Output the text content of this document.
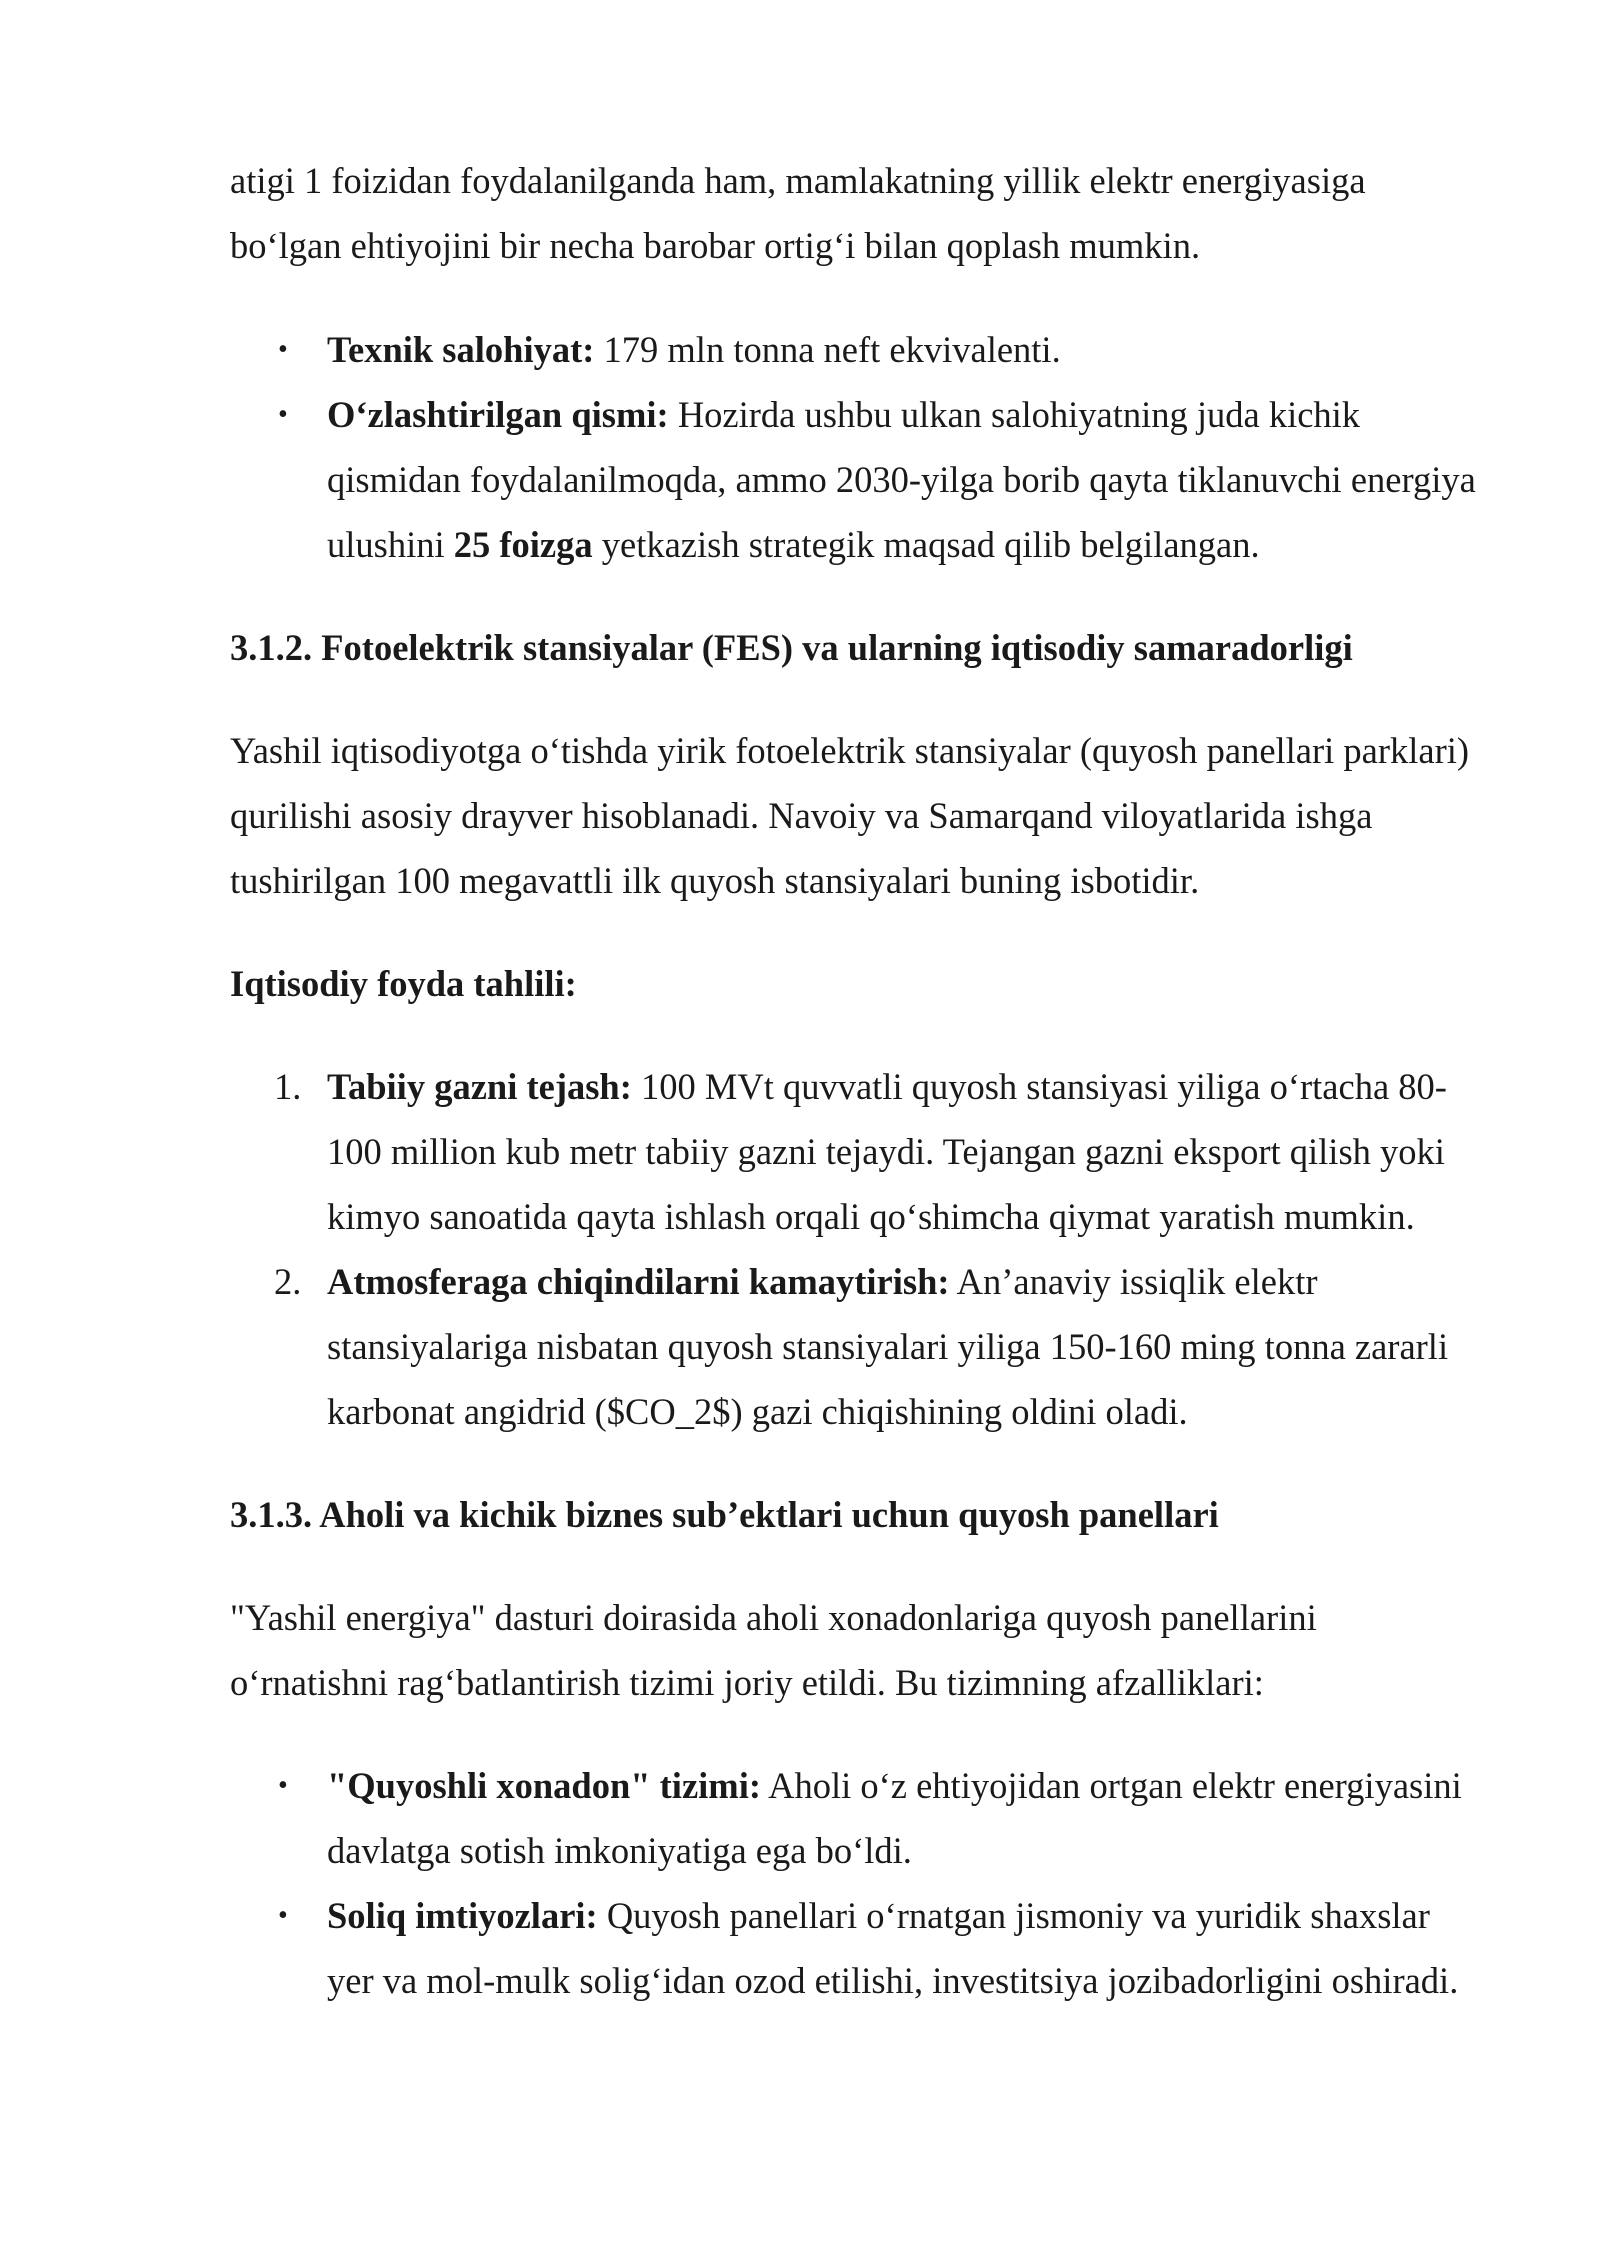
atigi 1 foizidan foydalanilganda ham, mamlakatning yillik elektr energiyasiga bo‘lgan ehtiyojini bir necha barobar ortig‘i bilan qoplash mumkin.

• Texnik salohiyat: 179 mln tonna neft ekvivalenti.
• O‘zlashtirilgan qismi: Hozirda ushbu ulkan salohiyatning juda kichik qismidan foydalanilmoqda, ammo 2030-yilga borib qayta tiklanuvchi energiya ulushini 25 foizga yetkazish strategik maqsad qilib belgilangan.
3.1.2. Fotoelektrik stansiyalar (FES) va ularning iqtisodiy samaradorligi

Yashil iqtisodiyotga o‘tishda yirik fotoelektrik stansiyalar (quyosh panellari parklari) qurilishi asosiy drayver hisoblanadi. Navoiy va Samarqand viloyatlarida ishga tushirilgan 100 megavattli ilk quyosh stansiyalari buning isbotidir.

Iqtisodiy foyda tahlili:

1. Tabiiy gazni tejash: 100 MVt quvvatli quyosh stansiyasi yiliga o‘rtacha 80-100 million kub metr tabiiy gazni tejaydi. Tejangan gazni eksport qilish yoki kimyo sanoatida qayta ishlash orqali qo‘shimcha qiymat yaratish mumkin.
2. Atmosferaga chiqindilarni kamaytirish: An’anaviy issiqlik elektr stansiyalariga nisbatan quyosh stansiyalari yiliga 150-160 ming tonna zararli karbonat angidrid ($CO_2$) gazi chiqishining oldini oladi.
3.1.3. Aholi va kichik biznes sub’ektlari uchun quyosh panellari

"Yashil energiya" dasturi doirasida aholi xonadonlariga quyosh panellarini o‘rnatishni rag‘batlantirish tizimi joriy etildi. Bu tizimning afzalliklari:

• "Quyoshli xonadon" tizimi: Aholi o‘z ehtiyojidan ortgan elektr energiyasini davlatga sotish imkoniyatiga ega bo‘ldi.
• Soliq imtiyozlari: Quyosh panellari o‘rnatgan jismoniy va yuridik shaxslar yer va mol-mulk solig‘idan ozod etilishi, investitsiya jozibadorligini oshiradi.
